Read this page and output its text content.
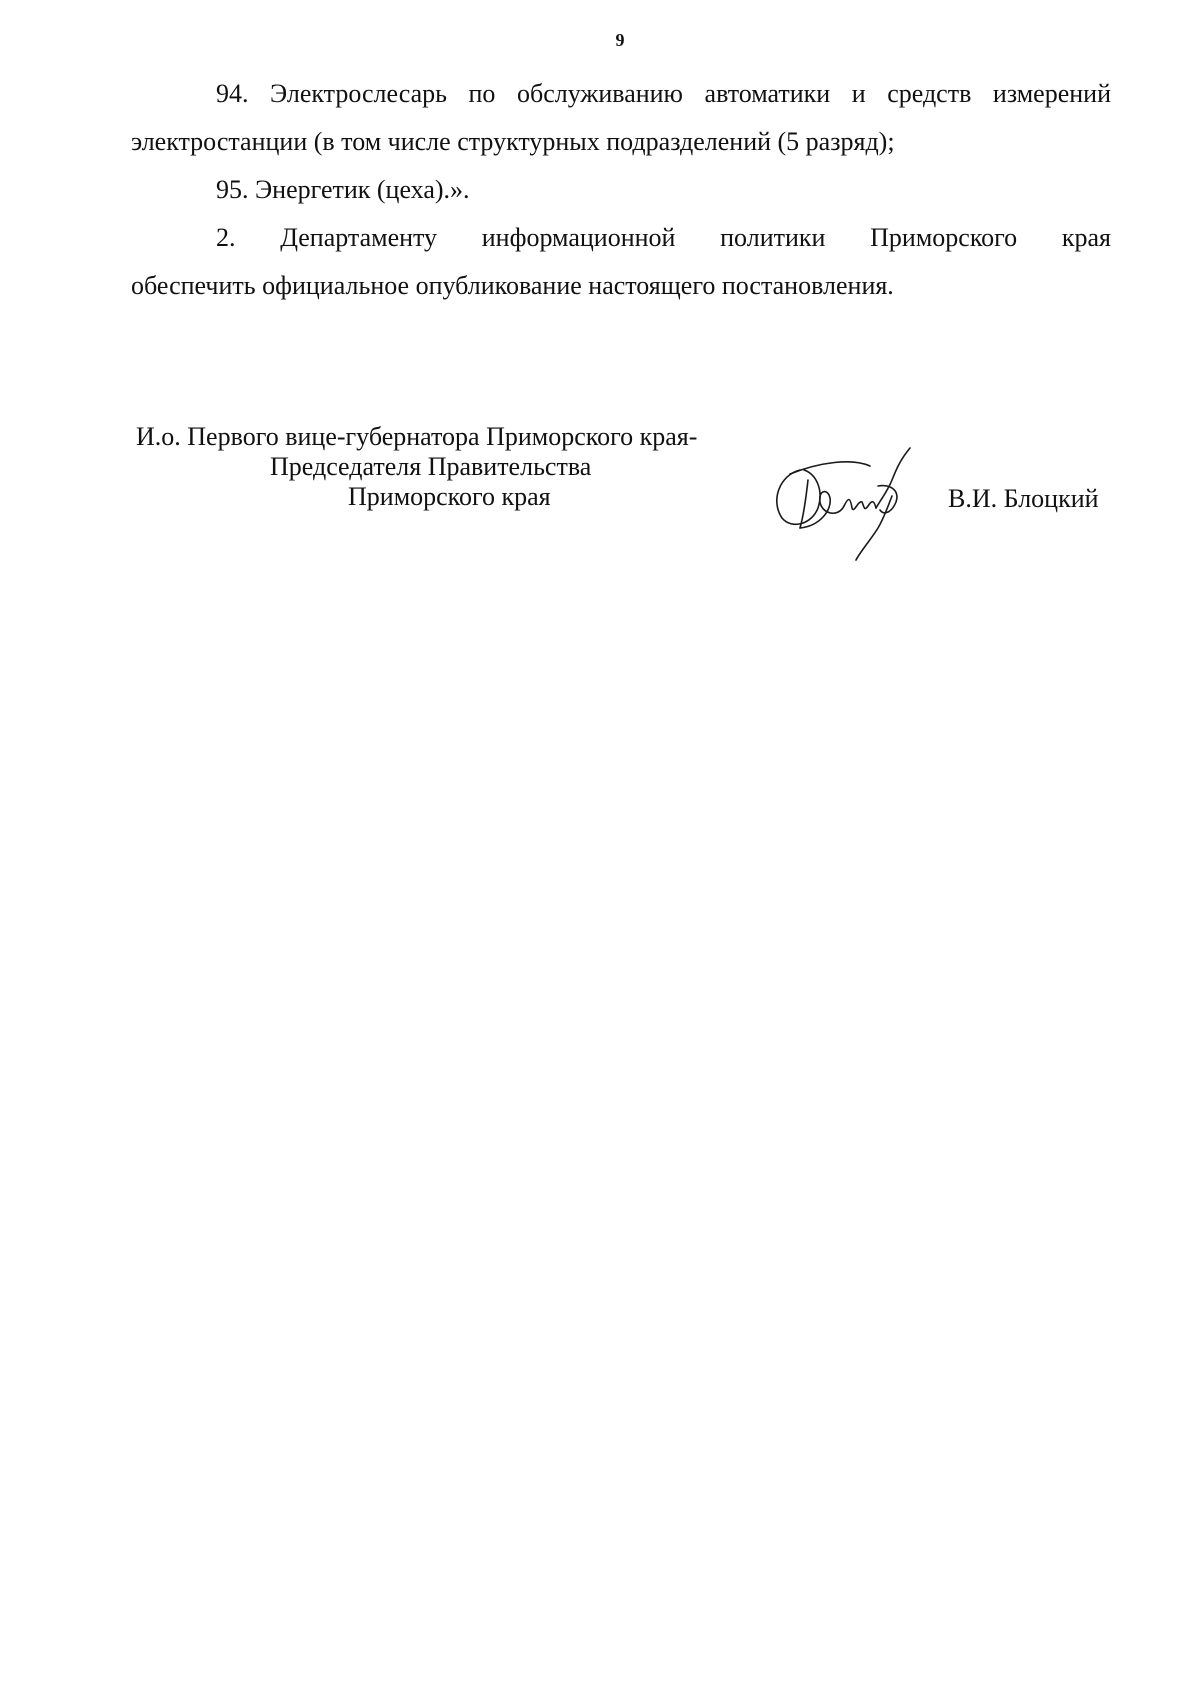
9

94. Электрослесарь по обслуживанию автоматики и средств измерений

электростанции (в том числе структурных подразделений (5 разряд);

95. Энергетик (цеха).».

2. Департаменту информационной политики Приморского края

обеспечить официальное опубликование настоящего постановления.

И.о. Первого вице-губернатора Приморского края-
Председателя Правительства
Приморского края	В.И. Блоцкий
